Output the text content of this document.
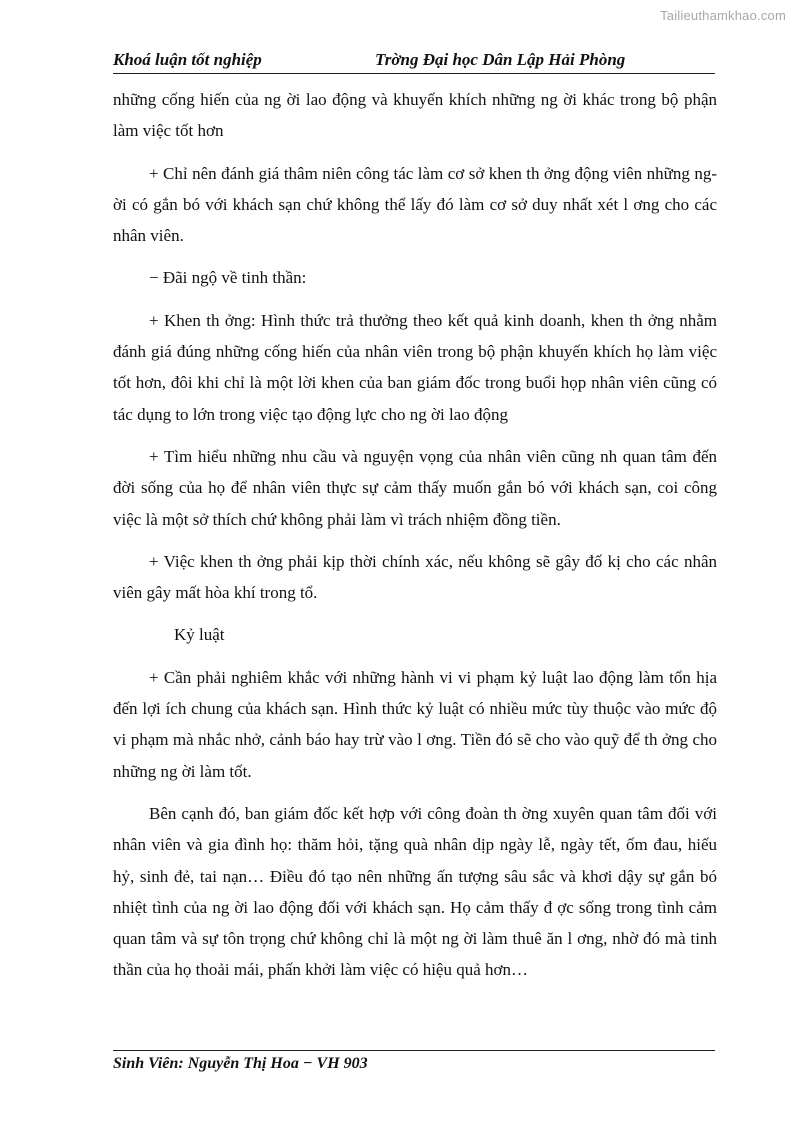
Tailieuthamkhao.com
Khoá luận tốt nghiệp	Trờng Đại học Dân Lập Hải Phòng

những cống hiến của ng ời lao động và khuyến khích những ng ời khác trong bộ phận làm việc tốt hơn

+ Chỉ nên đánh giá thâm niên công tác làm cơ sở khen th ởng động viên những ng ời có gắn bó với khách sạn chứ không thể lấy đó làm cơ sở duy nhất xét l ơng cho các nhân viên.

− Đãi ngộ về tinh thần:

+ Khen th ởng: Hình thức trả thưởng theo kết quả kinh doanh, khen th ởng nhằm đánh giá đúng những cống hiến của nhân viên trong bộ phận khuyến khích họ làm việc tốt hơn, đôi khi chỉ là một lời khen của ban giám đốc trong buổi họp nhân viên cũng có tác dụng to lớn trong việc tạo động lực cho ng ời lao động

+ Tìm hiểu những nhu cầu và nguyện vọng của nhân viên cũng nh quan tâm đến đời sống của họ để nhân viên thực sự cảm thấy muốn gắn bó với khách sạn, coi công việc là một sở thích chứ không phải làm vì trách nhiệm đồng tiền.

+ Việc khen th ởng phải kịp thời chính xác, nếu không sẽ gây đố kị cho các nhân viên gây mất hòa khí trong tổ.

Kỷ luật

+ Cần phải nghiêm khắc với những hành vi vi phạm kỷ luật lao động làm tổn hịa đến lợi ích chung của khách sạn. Hình thức kỷ luật có nhiều mức tùy thuộc vào mức độ vi phạm mà nhắc nhở, cảnh báo hay trừ vào l ơng. Tiền đó sẽ cho vào quỹ để th ởng cho những ng ời làm tốt.

Bên cạnh đó, ban giám đốc kết hợp với công đoàn th ờng xuyên quan tâm đối với nhân viên và gia đình họ: thăm hỏi, tặng quà nhân dịp ngày lễ, ngày tết, ốm đau, hiếu hỷ, sinh đẻ, tai nạn… Điều đó tạo nên những ấn tượng sâu sắc và khơi dậy sự gắn bó nhiệt tình của ng ời lao động đối với khách sạn. Họ cảm thấy đ ợc sống trong tình cảm quan tâm và sự tôn trọng chứ không chỉ là một ng ời làm thuê ăn l ơng, nhờ đó mà tinh thần của họ thoải mái, phấn khởi làm việc có hiệu quả hơn…

Sinh Viên: Nguyễn Thị Hoa − VH 903
